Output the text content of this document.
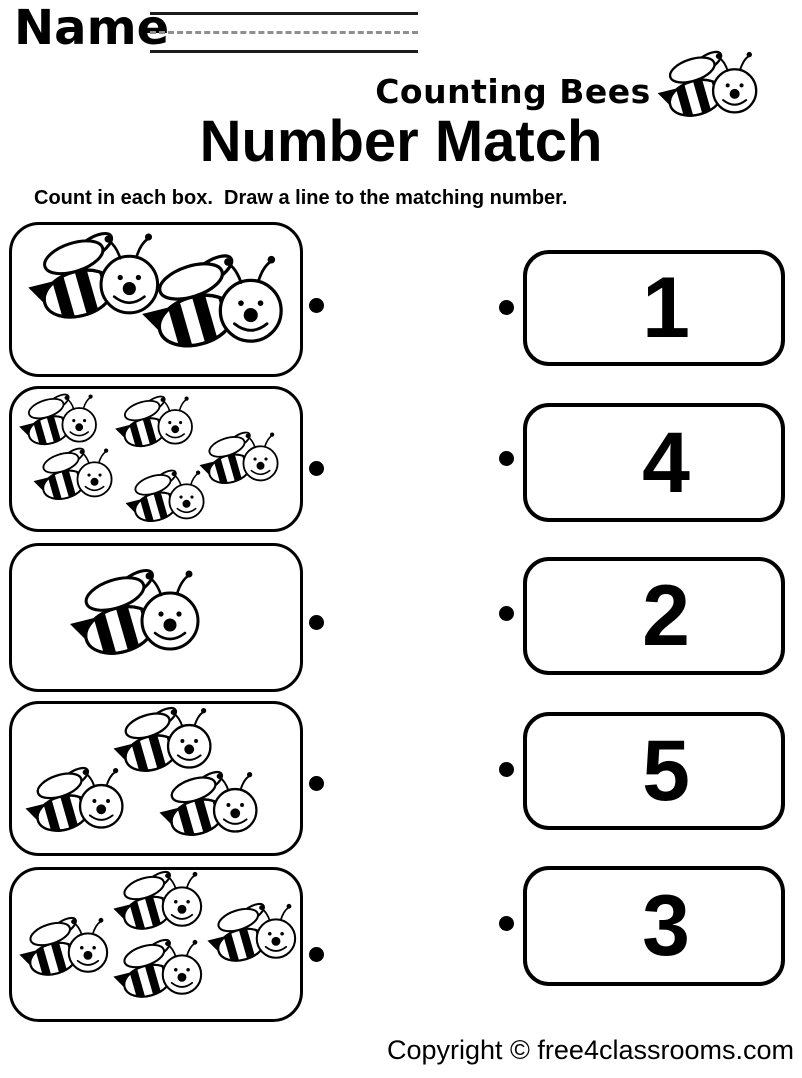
Name
Counting Bees
Number Match

Count in each box.  Draw a line to the matching number.

1
4
2
5
3
Copyright © free4classrooms.com
